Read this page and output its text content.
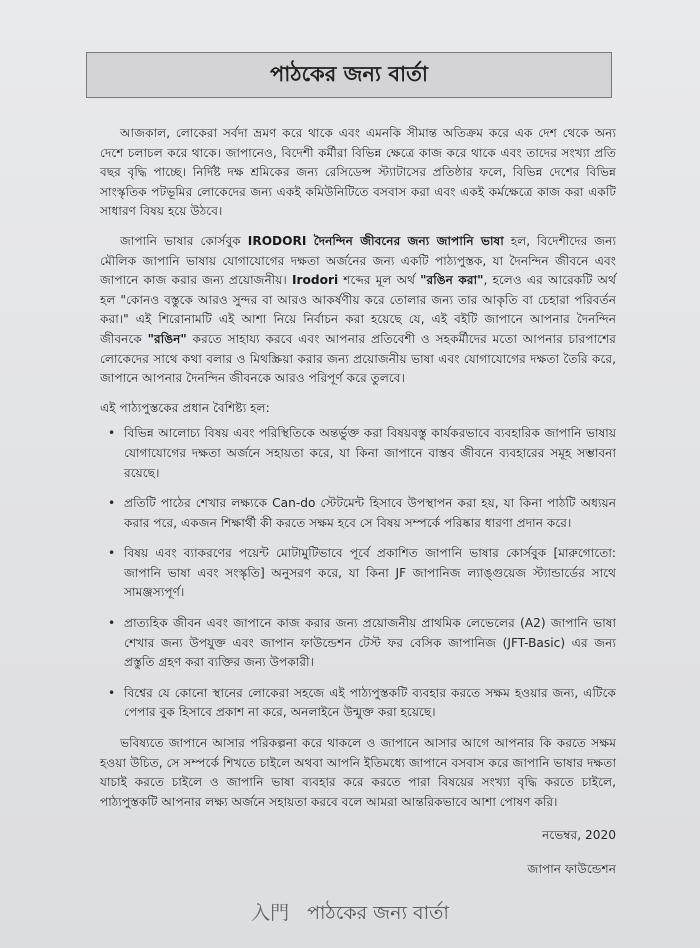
পাঠকের জন্য বার্তা

আজকাল, লোকেরা সর্বদা ভ্রমণ করে থাকে এবং এমনকি সীমান্ত অতিক্রম করে এক দেশ থেকে অন্য দেশে চলাচল করে থাকে। জাপানেও, বিদেশী কর্মীরা বিভিন্ন ক্ষেত্রে কাজ করে থাকে এবং তাদের সংখ্যা প্রতি বছর বৃদ্ধি পাচ্ছে। নির্দিষ্ট দক্ষ শ্রমিকের জন্য রেসিডেন্স স্ট্যাটাসের প্রতিষ্ঠার ফলে, বিভিন্ন দেশের বিভিন্ন সাংস্কৃতিক পটভূমির লোকেদের জন্য একই কমিউনিটিতে বসবাস করা এবং একই কর্মক্ষেত্রে কাজ করা একটি সাধারণ বিষয় হয়ে উঠবে।

জাপানি ভাষার কোর্সবুক IRODORI দৈনন্দিন জীবনের জন্য জাপানি ভাষা হল, বিদেশীদের জন্য মৌলিক জাপানি ভাষায় যোগাযোগের দক্ষতা অর্জনের জন্য একটি পাঠ্যপুস্তক, যা দৈনন্দিন জীবনে এবং জাপানে কাজ করার জন্য প্রয়োজনীয়। Irodori শব্দের মূল অর্থ "রঙিন করা", হলেও এর আরেকটি অর্থ হল "কোনও বস্তুকে আরও সুন্দর বা আরও আকর্ষণীয় করে তোলার জন্য তার আকৃতি বা চেহারা পরিবর্তন করা।" এই শিরোনামটি এই আশা নিয়ে নির্বাচন করা হয়েছে যে, এই বইটি জাপানে আপনার দৈনন্দিন জীবনকে "রঙিন" করতে সাহায্য করবে এবং আপনার প্রতিবেশী ও সহকর্মীদের মতো আপনার চারপাশের লোকেদের সাথে কথা বলার ও মিথস্ক্রিয়া করার জন্য প্রয়োজনীয় ভাষা এবং যোগাযোগের দক্ষতা তৈরি করে, জাপানে আপনার দৈনন্দিন জীবনকে আরও পরিপূর্ণ করে তুলবে।

এই পাঠ্যপুস্তকের প্রধান বৈশিষ্ট্য হল:

• বিভিন্ন আলোচ্য বিষয় এবং পরিস্থিতিকে অন্তর্ভুক্ত করা বিষয়বস্তু কার্যকরভাবে ব্যবহারিক জাপানি ভাষায় যোগাযোগের দক্ষতা অর্জনে সহায়তা করে, যা কিনা জাপানে বাস্তব জীবনে ব্যবহারের সমূহ সম্ভাবনা রয়েছে।
• প্রতিটি পাঠের শেখার লক্ষ্যকে Can-do স্টেটমেন্ট হিসাবে উপস্থাপন করা হয়, যা কিনা পাঠটি অধ্যয়ন করার পরে, একজন শিক্ষার্থী কী করতে সক্ষম হবে সে বিষয় সম্পর্কে পরিষ্কার ধারণা প্রদান করে।
• বিষয় এবং ব্যাকরণের পয়েন্ট মোটামুটিভাবে পূর্বে প্রকাশিত জাপানি ভাষার কোর্সবুক [মারুগোতো: জাপানি ভাষা এবং সংস্কৃতি] অনুসরণ করে, যা কিনা JF জাপানিজ ল্যাঙ্গুয়েজ স্ট্যান্ডার্ডের সাথে সামঞ্জস্যপূর্ণ।
• প্রাত্যহিক জীবন এবং জাপানে কাজ করার জন্য প্রয়োজনীয় প্রাথমিক লেভেলের (A2) জাপানি ভাষা শেখার জন্য উপযুক্ত এবং জাপান ফাউন্ডেশন টেস্ট ফর বেসিক জাপানিজ (JFT-Basic) এর জন্য প্রস্তুতি গ্রহণ করা ব্যক্তির জন্য উপকারী।
• বিশ্বের যে কোনো স্থানের লোকেরা সহজে এই পাঠ্যপুস্তকটি ব্যবহার করতে সক্ষম হওয়ার জন্য, এটিকে পেপার বুক হিসাবে প্রকাশ না করে, অনলাইনে উন্মুক্ত করা হয়েছে।

ভবিষ্যতে জাপানে আসার পরিকল্পনা করে থাকলে ও জাপানে আসার আগে আপনার কি করতে সক্ষম হওয়া উচিত, সে সম্পর্কে শিখতে চাইলে অথবা আপনি ইতিমধ্যে জাপানে বসবাস করে জাপানি ভাষার দক্ষতা যাচাই করতে চাইলে ও জাপানি ভাষা ব্যবহার করে করতে পারা বিষয়ের সংখ্যা বৃদ্ধি করতে চাইলে, পাঠ্যপুস্তকটি আপনার লক্ষ্য অর্জনে সহায়তা করবে বলে আমরা আন্তরিকভাবে আশা পোষণ করি।

নভেম্বর, 2020

জাপান ফাউন্ডেশন

入門 পাঠকের জন্য বার্তা
